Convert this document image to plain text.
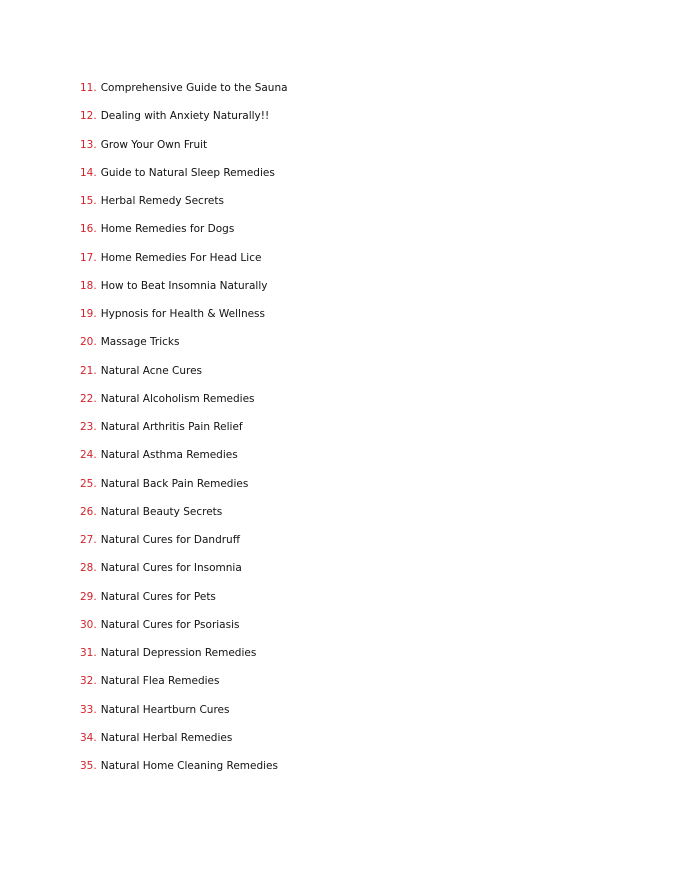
11 . Comprehensive Guide to the Sauna
12 . Dealing with Anxiety Naturally!!
13 . Grow Your Own Fruit
14 . Guide to Natural Sleep Remedies
15 . Herbal Remedy Secrets
16 . Home Remedies for Dogs
17 . Home Remedies For Head Lice
18 . How to Beat Insomnia Naturally
19 . Hypnosis for Health & Wellness
20 . Massage Tricks
21 . Natural Acne Cures
22 . Natural Alcoholism Remedies
23 . Natural Arthritis Pain Relief
24 . Natural Asthma Remedies
25 . Natural Back Pain Remedies
26 . Natural Beauty Secrets
27 . Natural Cures for Dandruff
28 . Natural Cures for Insomnia
29 . Natural Cures for Pets
30 . Natural Cures for Psoriasis
31 . Natural Depression Remedies
32 . Natural Flea Remedies
33 . Natural Heartburn Cures
34 . Natural Herbal Remedies
35 . Natural Home Cleaning Remedies
